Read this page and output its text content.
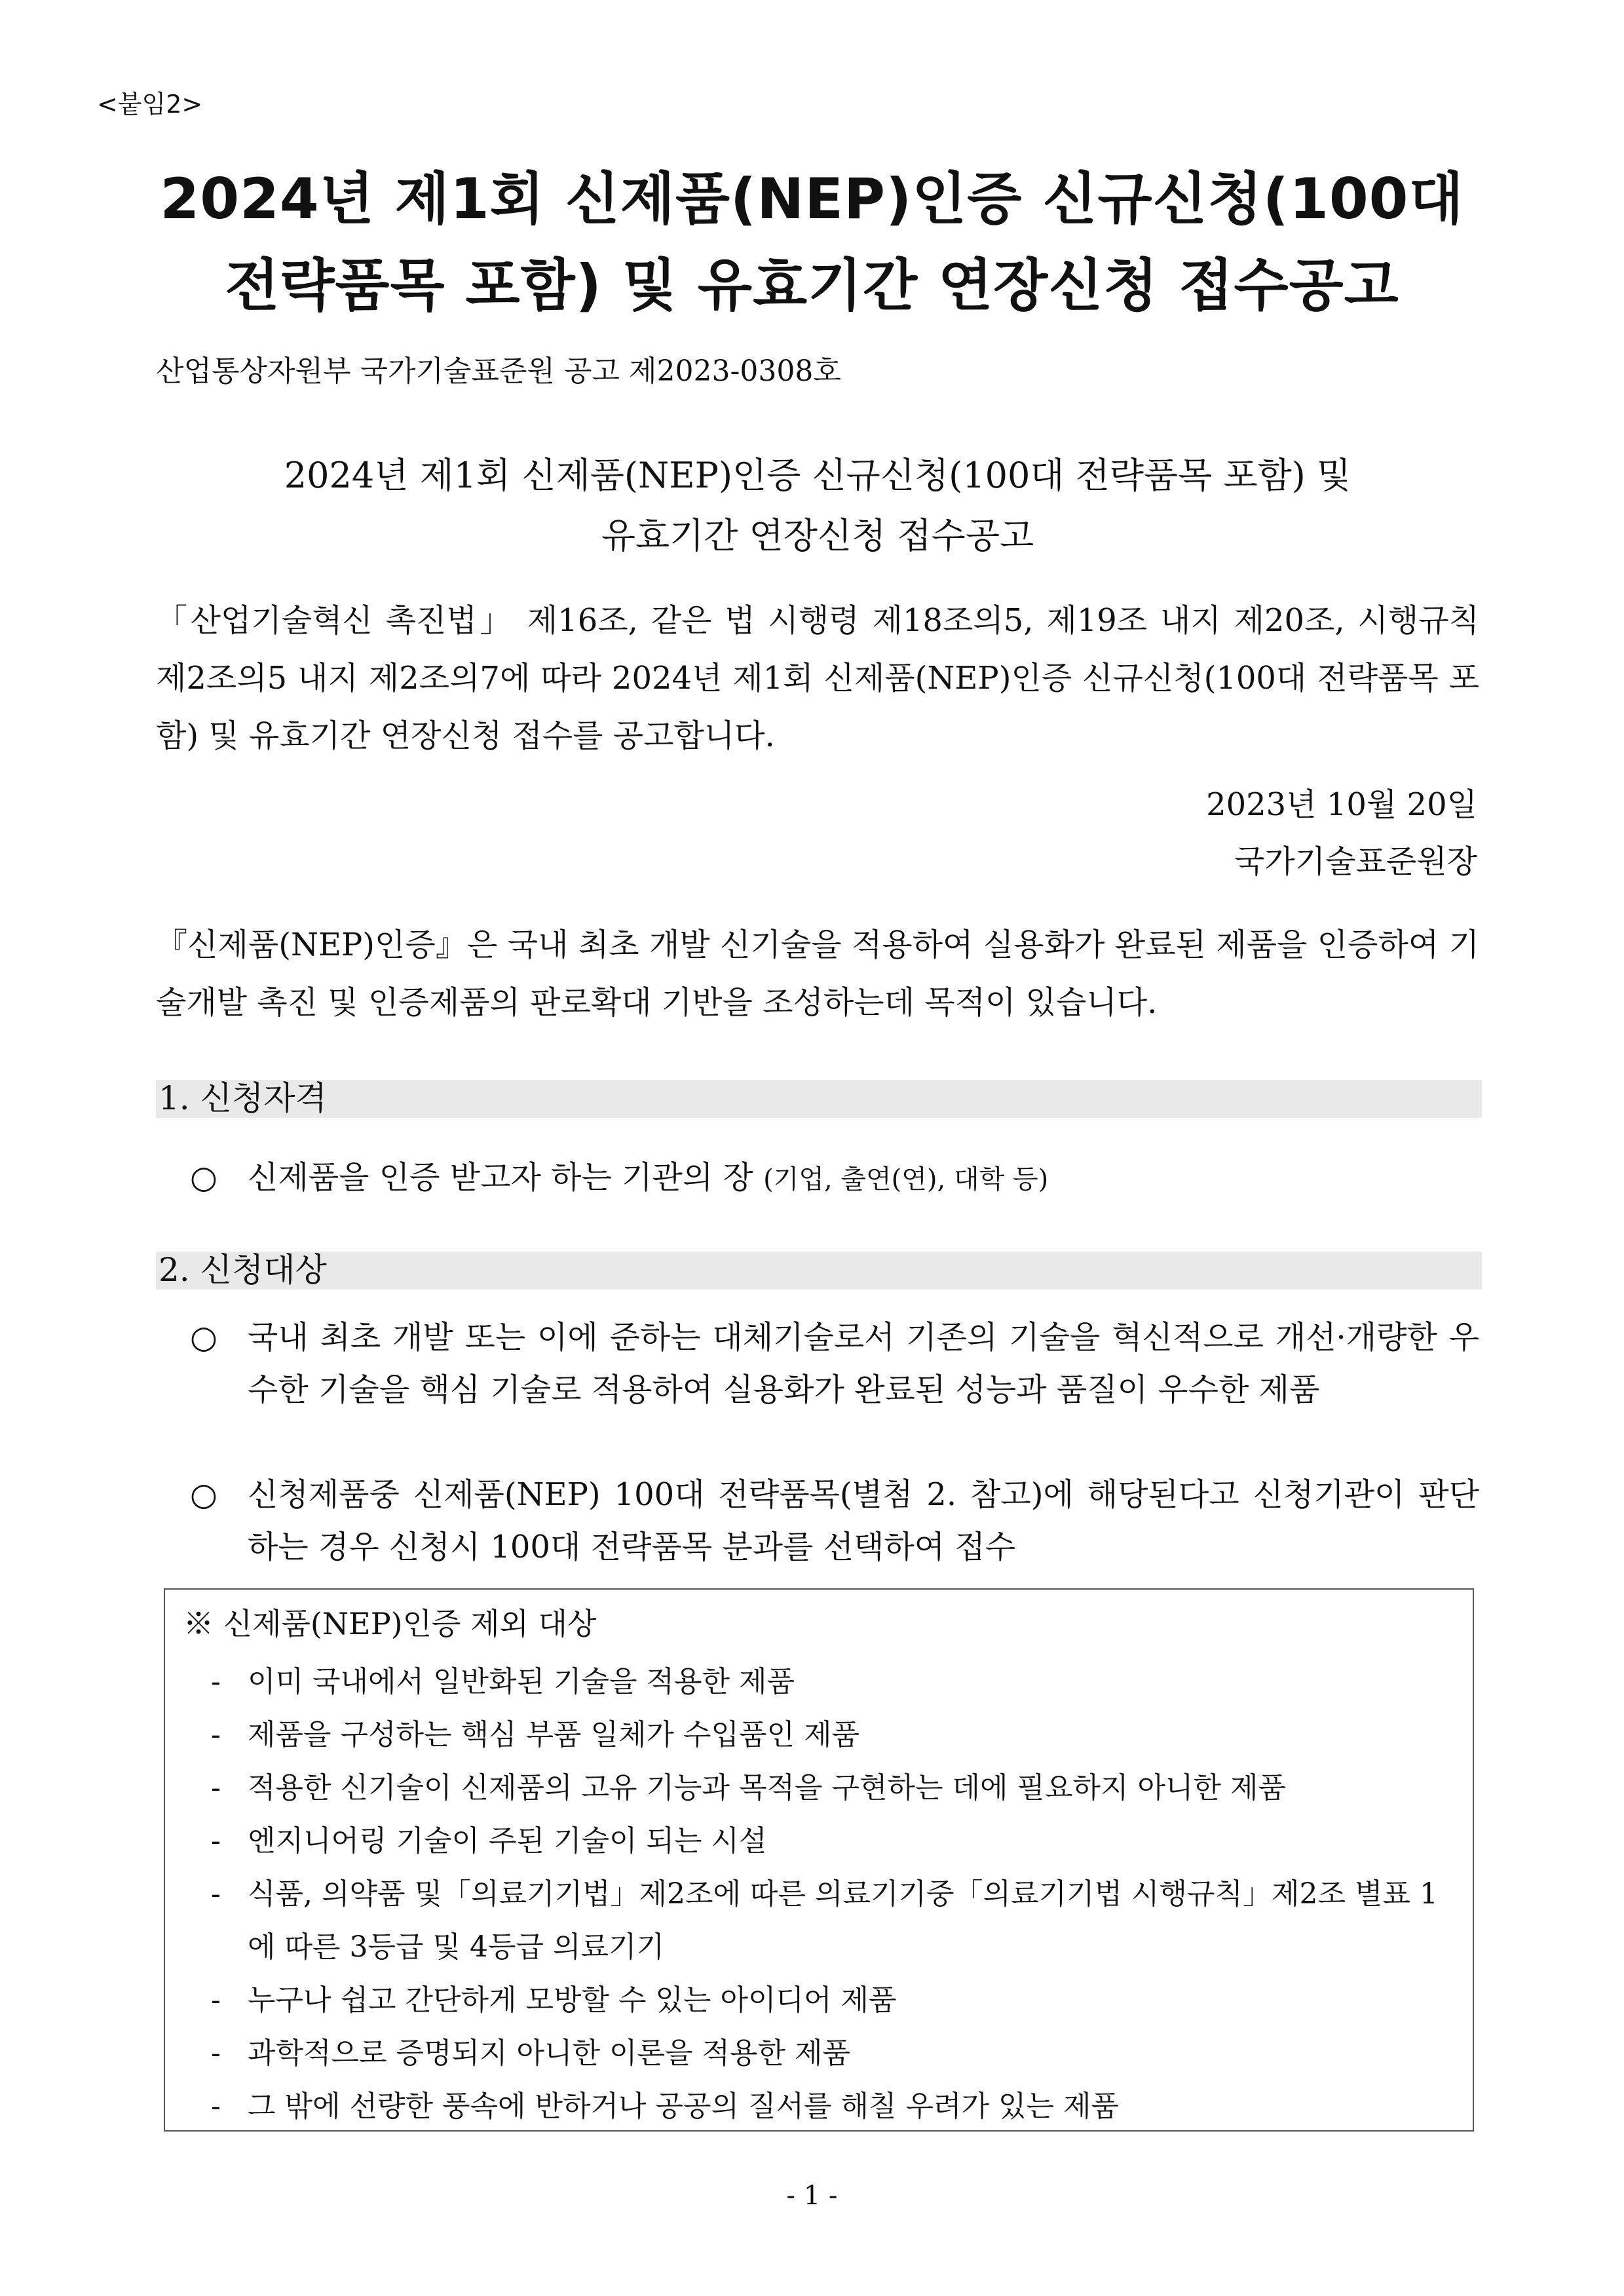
<붙임2>
2024년 제1회 신제품(NEP)인증 신규신청(100대
전략품목 포함) 및 유효기간 연장신청 접수공고
산업통상자원부 국가기술표준원 공고 제2023-0308호
2024년 제1회 신제품(NEP)인증 신규신청(100대 전략품목 포함) 및
유효기간 연장신청 접수공고

「산업기술혁신 촉진법」 제16조, 같은 법 시행령 제18조의5, 제19조 내지 제20조, 시행규칙 제2조의5 내지 제2조의7에 따라 2024년 제1회 신제품(NEP)인증 신규신청(100대 전략품목 포함) 및 유효기간 연장신청 접수를 공고합니다.

2023년 10월 20일
국가기술표준원장

『신제품(NEP)인증』은 국내 최초 개발 신기술을 적용하여 실용화가 완료된 제품을 인증하여 기술개발 촉진 및 인증제품의 판로확대 기반을 조성하는데 목적이 있습니다.

1. 신청자격
○ 신제품을 인증 받고자 하는 기관의 장 (기업, 출연(연), 대학 등)
2. 신청대상
○ 국내 최초 개발 또는 이에 준하는 대체기술로서 기존의 기술을 혁신적으로 개선·개량한 우수한 기술을 핵심 기술로 적용하여 실용화가 완료된 성능과 품질이 우수한 제품
○ 신청제품중 신제품(NEP) 100대 전략품목(별첨 2. 참고)에 해당된다고 신청기관이 판단하는 경우 신청시 100대 전략품목 분과를 선택하여 접수
※ 신제품(NEP)인증 제외 대상
- 이미 국내에서 일반화된 기술을 적용한 제품
- 제품을 구성하는 핵심 부품 일체가 수입품인 제품
- 적용한 신기술이 신제품의 고유 기능과 목적을 구현하는 데에 필요하지 아니한 제품
- 엔지니어링 기술이 주된 기술이 되는 시설
- 식품, 의약품 및「의료기기법」제2조에 따른 의료기기중「의료기기법 시행규칙」제2조 별표 1에 따른 3등급 및 4등급 의료기기
- 누구나 쉽고 간단하게 모방할 수 있는 아이디어 제품
- 과학적으로 증명되지 아니한 이론을 적용한 제품
- 그 밖에 선량한 풍속에 반하거나 공공의 질서를 해칠 우려가 있는 제품
- 1 -
